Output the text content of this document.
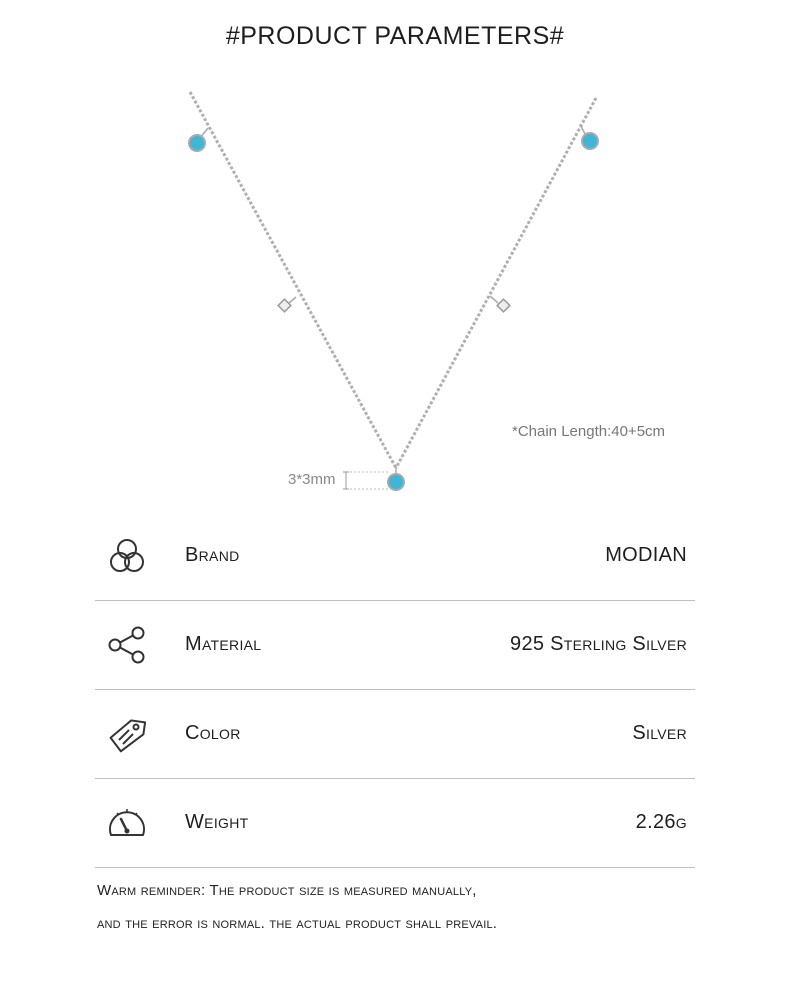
#PRODUCT PARAMETERS#
*Chain Length:40+5cm
3*3mm
Brand	MODIAN
Material	925 Sterling Silver
Color	Silver
Weight	2.26g
Warm reminder: The product size is measured manually,
and the error is normal. the actual product shall prevail.
